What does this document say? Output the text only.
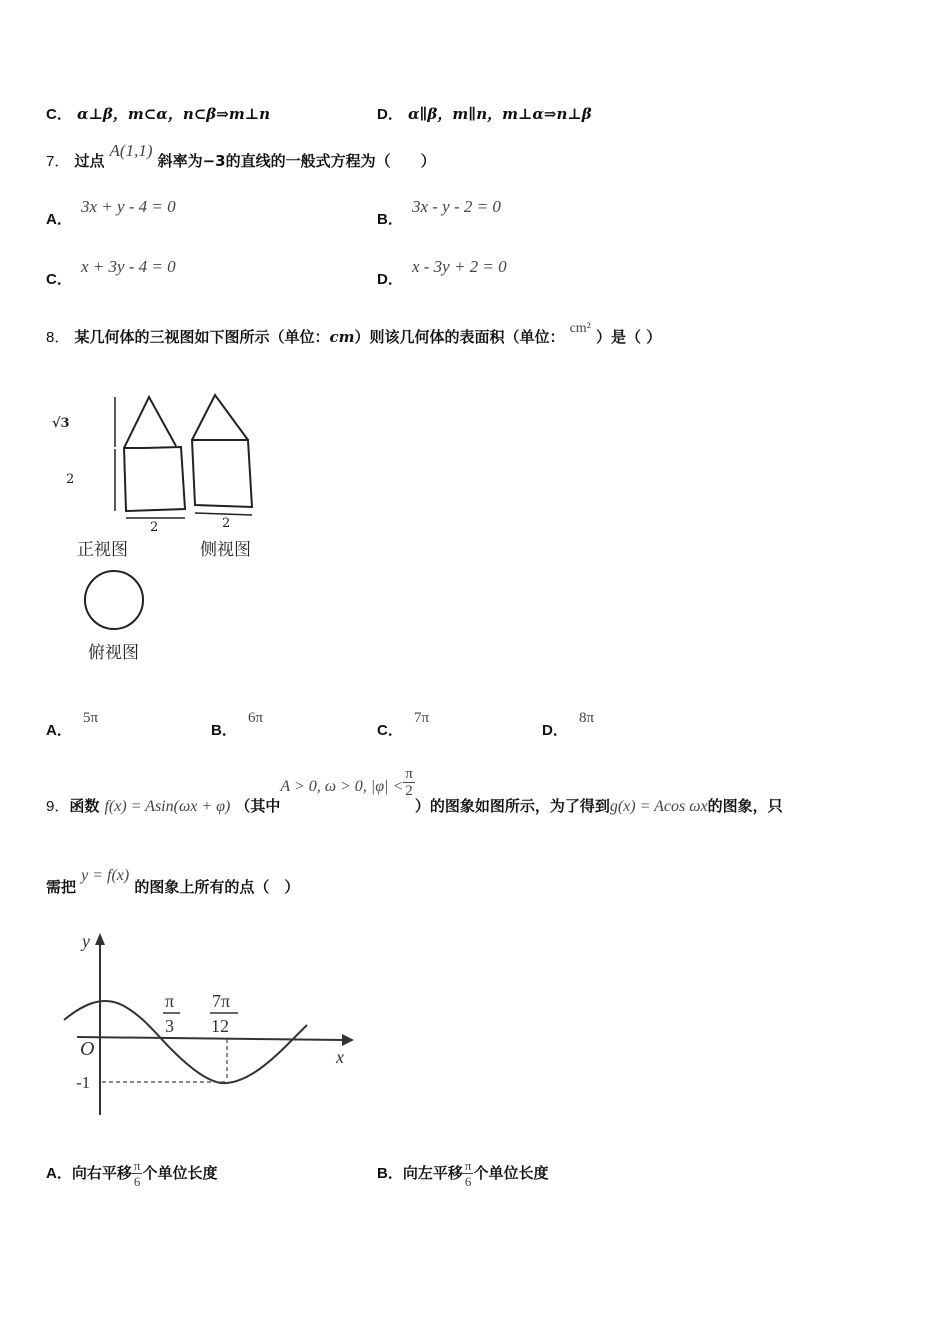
C． α⊥β，m⊂α，n⊂β⇒m⊥n	D． α∥β，m∥n，m⊥α⇒n⊥β
7． 过点 A(1,1) 斜率为−3的直线的一般式方程为（　　）
A． 3x + y - 4 = 0
B． 3x - y - 2 = 0
C． x + 3y - 4 = 0
D． x - 3y + 2 = 0
8． 某几何体的三视图如下图所示（单位：cm）则该几何体的表面积（单位： cm² ）是（ ）
√3
2
2	2
正视图	侧视图
俯视图
A． 5π
B． 6π
C． 7π
D． 8π
9．函数 f(x) = Asin(ωx + φ) （其中A > 0, ω > 0, $|\varphi| < \frac{\pi}{2}$
）的图象如图所示，为了得到g(x) = Acos ωx的图象，只
需把 y = f(x) 的图象上所有的点（　）
y
x
O
-1
π
3
7π
12
A．向右平移 $\frac{\pi}{6}$ 个单位长度	B．向左平移 $\frac{\pi}{6}$ 个单位长度
